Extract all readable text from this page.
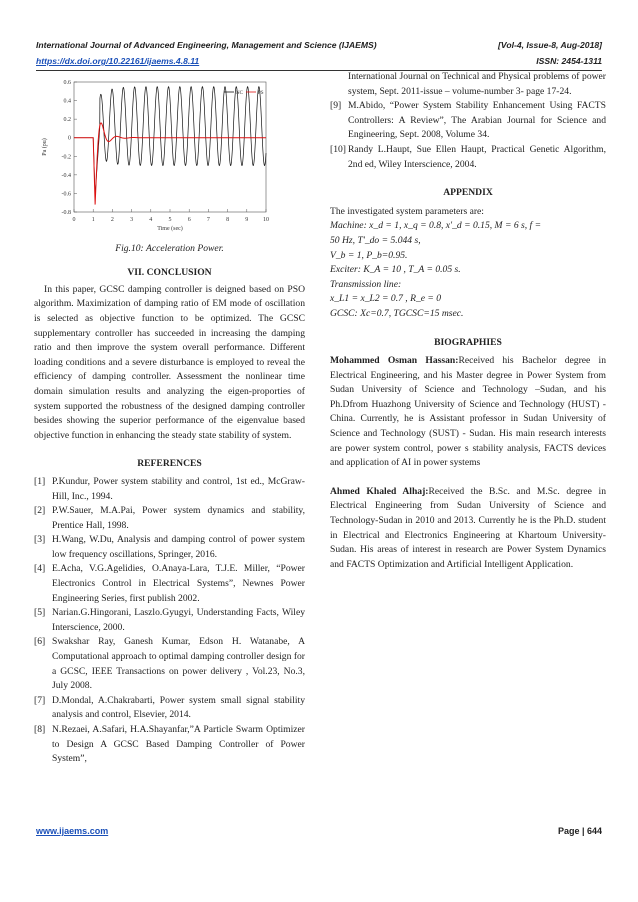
International Journal of Advanced Engineering, Management and Science (IJAEMS)	[Vol-4, Issue-8, Aug-2018]
https://dx.doi.org/10.22161/ijaems.4.8.11	ISSN: 2454-1311
0	1	2	3	4	5	6	7	8	9 10
0.6
0.4
0.2
0
-0.2
-0.4
-0.6
-0.8
Time (sec)
Pa (pu)
NC	PS

Fig.10: Acceleration Power.

VII. CONCLUSION

In this paper, GCSC damping controller is deigned based on PSO algorithm. Maximization of damping ratio of EM mode of oscillation is selected as objective function to be optimized. The GCSC supplementary controller has succeeded in increasing the damping ratio and then improve the system overall performance. Different loading conditions and a severe disturbance is employed to reveal the efficiency of damping controller. Assessment the nonlinear time domain simulation results and analyzing the eigen-proporties of system supported the robustness of the designed damping controller besides showing the superior performance of the eigenvalue based objective function in enhancing the steady state stability of system.

REFERENCES

[1] P.Kundur, Power system stability and control, 1st ed., McGraw-Hill, Inc., 1994.
[2] P.W.Sauer, M.A.Pai, Power system dynamics and stability, Prentice Hall, 1998.
[3] H.Wang, W.Du, Analysis and damping control of power system low frequency oscillations, Springer, 2016.
[4] E.Acha, V.G.Agelidies, O.Anaya-Lara, T.J.E. Miller, “Power Electronics Control in Electrical Systems”, Newnes Power Engineering Series, first publish 2002.
[5] Narian.G.Hingorani, Laszlo.Gyugyi, Understanding Facts, Wiley Interscience, 2000.
[6] Swakshar Ray, Ganesh Kumar, Edson H. Watanabe, A Computational approach to optimal damping controller design for a GCSC, IEEE Transactions on power delivery , Vol.23, No.3, July 2008.
[7] D.Mondal, A.Chakrabarti, Power system small signal stability analysis and control, Elsevier, 2014.
[8] N.Rezaei, A.Safari, H.A.Shayanfar,”A Particle Swarm Optimizer to Design A GCSC Based Damping Controller of Power System”,
International Journal on Technical and Physical problems of power system, Sept. 2011-issue – volume-number 3- page 17-24.
[9] M.Abido, “Power System Stability Enhancement Using FACTS Controllers: A Review”, The Arabian Journal for Science and Engineering, Sept. 2008, Volume 34.
[10] Randy L.Haupt, Sue Ellen Haupt, Practical Genetic Algorithm, 2nd ed, Wiley Interscience, 2004.

APPENDIX

The investigated system parameters are:

Machine: x_d = 1, x_q = 0.8, x'_d = 0.15, M = 6 s, f =

50 Hz, T'_do = 5.044 s,

V_b = 1, P_b=0.95.

Exciter: K_A = 10 , T_A = 0.05 s.

Transmission line:

x_L1 = x_L2 = 0.7 , R_e = 0

GCSC: Xc=0.7, TGCSC=15 msec.

BIOGRAPHIES

Mohammed Osman Hassan:Received his Bachelor degree in Electrical Engineering, and his Master degree in Power System from Sudan University of Science and Technology –Sudan, and his Ph.Dfrom Huazhong University of Science and Technology (HUST) - China. Currently, he is Assistant professor in Sudan University of Science and Technology (SUST) - Sudan. His main research interests are power system control, power s stability analysis, FACTS devices and application of AI in power systems

Ahmed Khaled Alhaj:Received the B.Sc. and M.Sc. degree in Electrical Engineering from Sudan University of Science and Technology-Sudan in 2010 and 2013. Currently he is the Ph.D. student in Electrical and Electronics Engineering at Khartoum University-Sudan. His areas of interest in research are Power System Dynamics and FACTS Optimization and Artificial Intelligent Application.

www.ijaems.com	Page | 644
